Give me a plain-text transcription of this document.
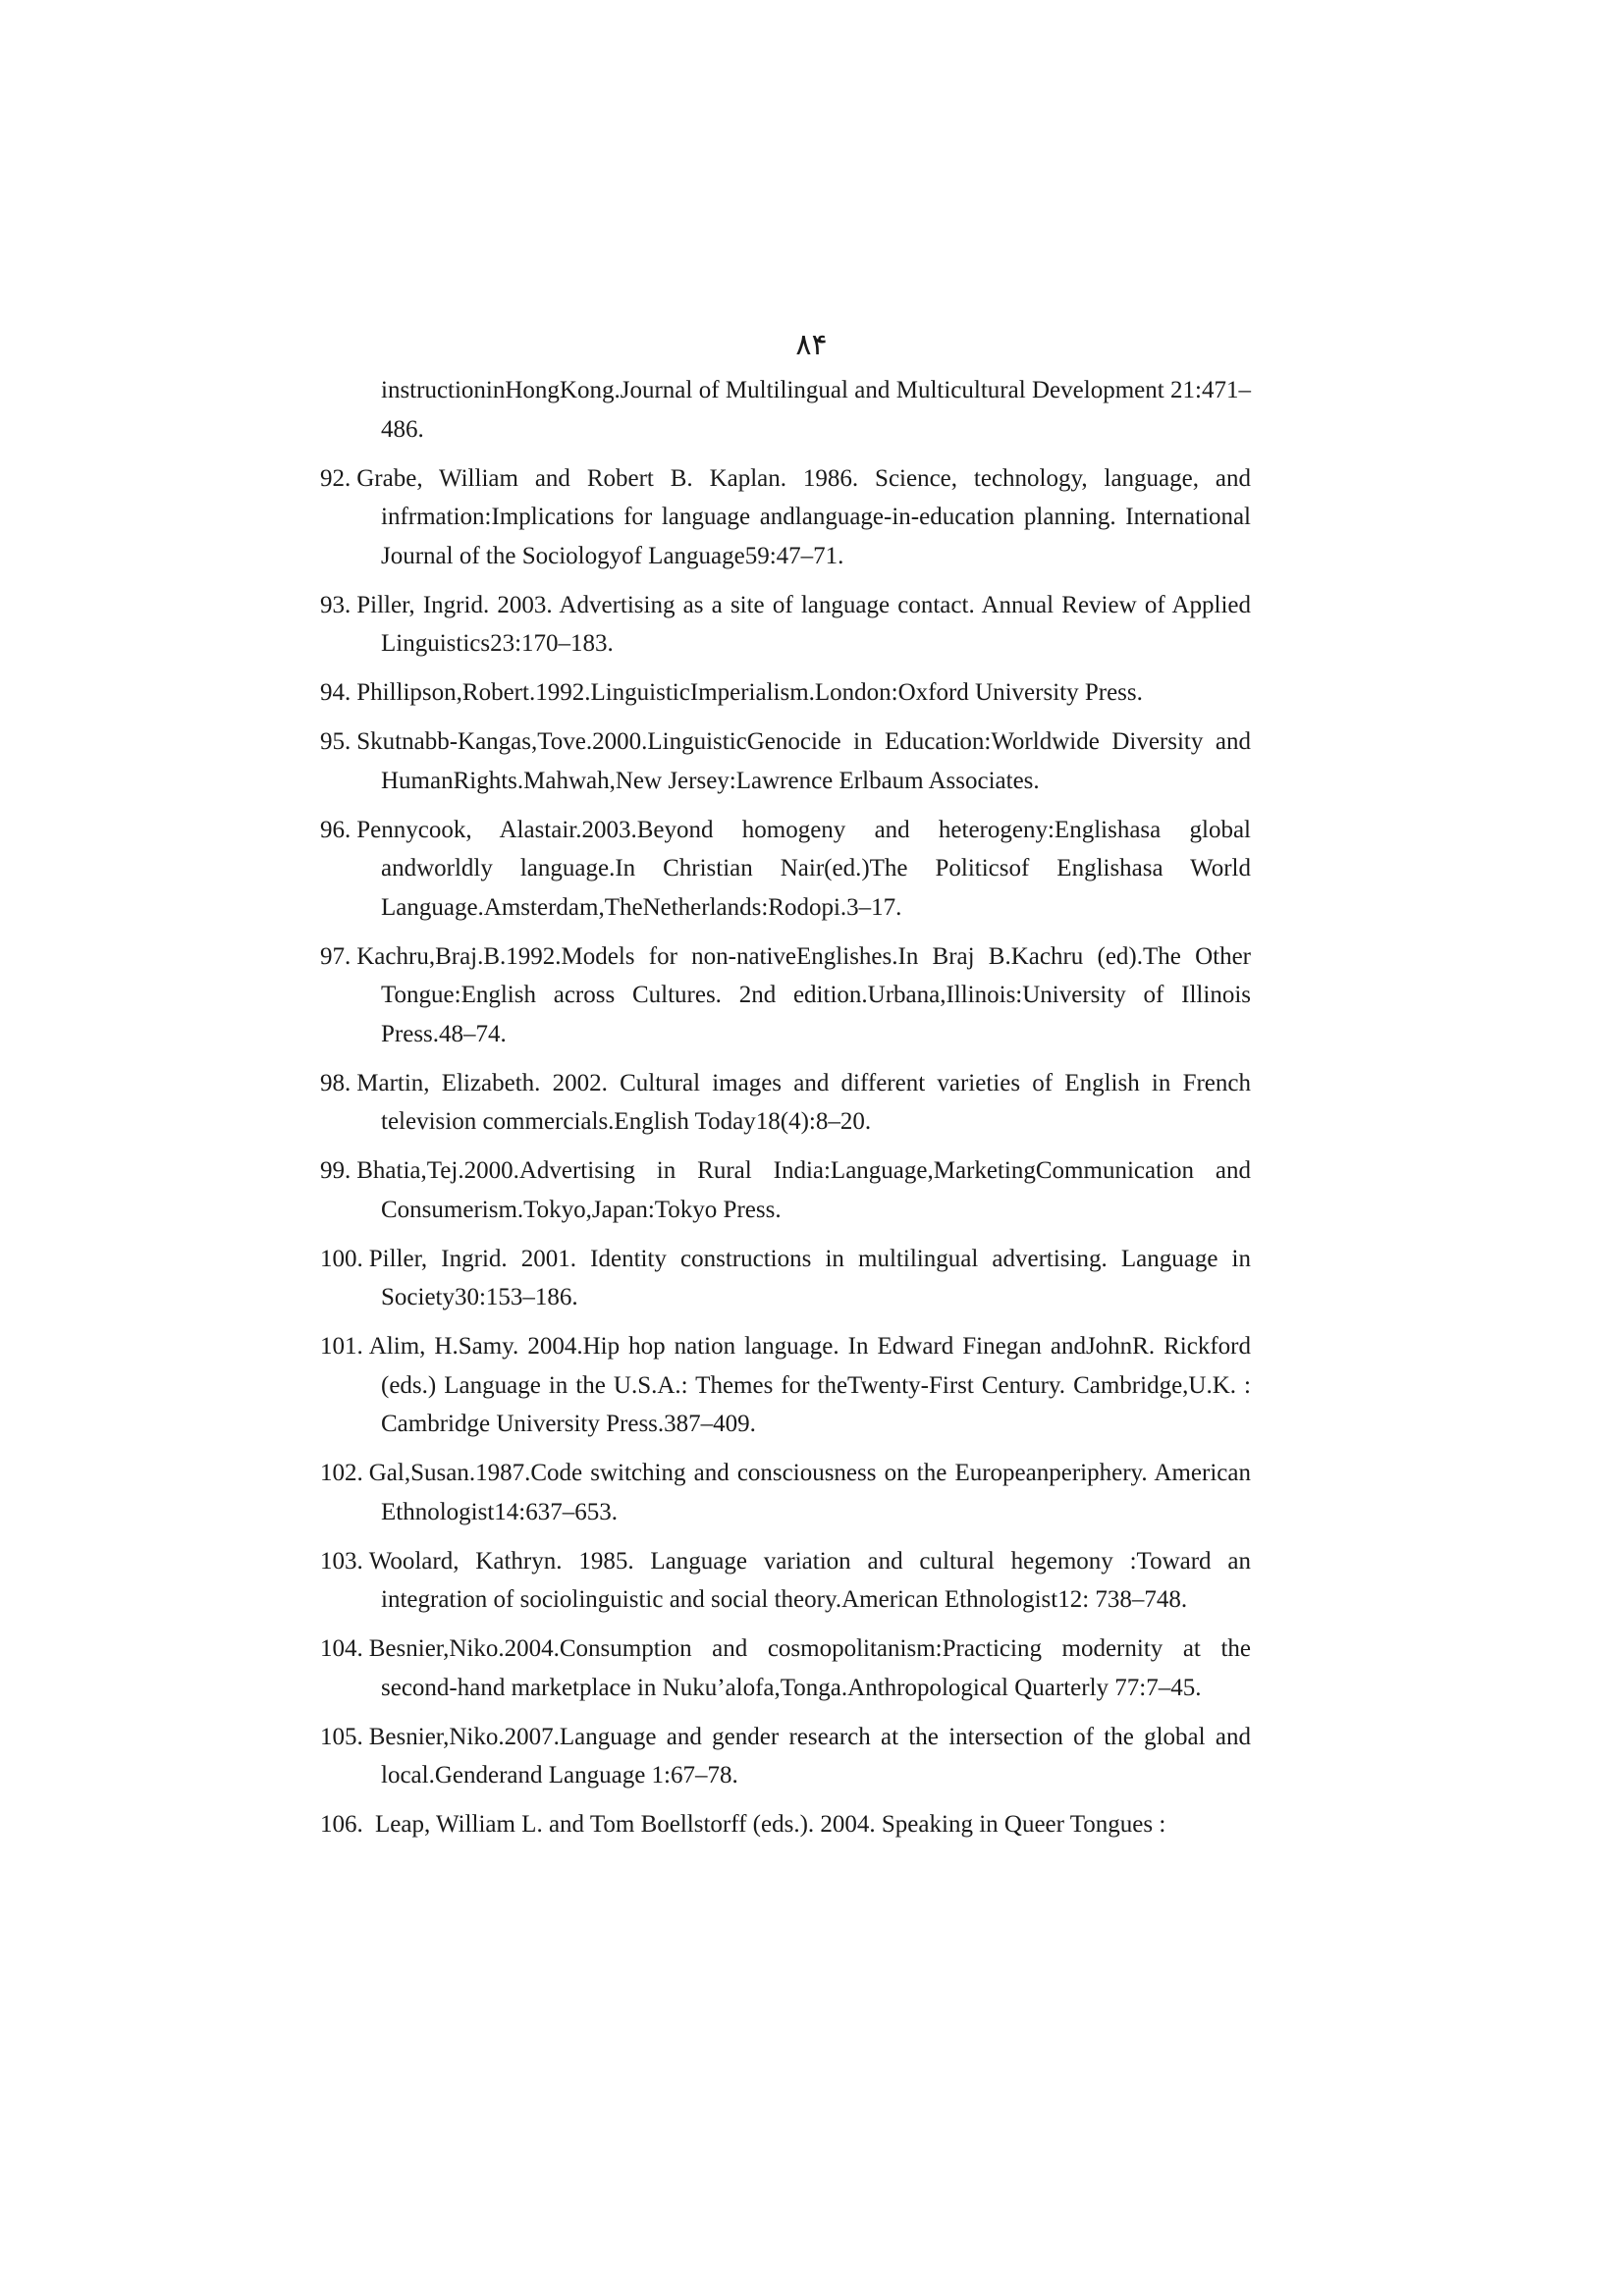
۸۴

instructioninHongKong.Journal of Multilingual and Multicultural Development 21:471–486.

92. Grabe, William and Robert B. Kaplan. 1986. Science, technology, language, and infrmation:Implications for language andlanguage-in-education planning. International Journal of the Sociologyof Language59:47–71.

93. Piller, Ingrid. 2003. Advertising as a site of language contact. Annual Review of Applied Linguistics23:170–183.

94. Phillipson,Robert.1992.LinguisticImperialism.London:Oxford University Press.

95. Skutnabb-Kangas,Tove.2000.LinguisticGenocide in Education:Worldwide Diversity and HumanRights.Mahwah,New Jersey:Lawrence Erlbaum Associates.

96. Pennycook, Alastair.2003.Beyond homogeny and heterogeny:Englishasa global andworldly language.In Christian Nair(ed.)The Politicsof Englishasa World Language.Amsterdam,TheNetherlands:Rodopi.3–17.

97. Kachru,Braj.B.1992.Models for non-nativeEnglishes.In Braj B.Kachru (ed).The Other Tongue:English across Cultures. 2nd edition.Urbana,Illinois:University of Illinois Press.48–74.

98. Martin, Elizabeth. 2002. Cultural images and different varieties of English in French television commercials.English Today18(4):8–20.

99. Bhatia,Tej.2000.Advertising in Rural India:Language,MarketingCommunication and Consumerism.Tokyo,Japan:Tokyo Press.

100. Piller, Ingrid. 2001. Identity constructions in multilingual advertising. Language in Society30:153–186.

101. Alim, H.Samy. 2004.Hip hop nation language. In Edward Finegan andJohnR. Rickford (eds.) Language in the U.S.A.: Themes for theTwenty-First Century. Cambridge,U.K. : Cambridge University Press.387–409.

102. Gal,Susan.1987.Code switching and consciousness on the Europeanperiphery. American Ethnologist14:637–653.

103. Woolard, Kathryn. 1985. Language variation and cultural hegemony :Toward an integration of sociolinguistic and social theory.American Ethnologist12: 738–748.

104. Besnier,Niko.2004.Consumption and cosmopolitanism:Practicing modernity at the second-hand marketplace in Nuku’alofa,Tonga.Anthropological Quarterly 77:7–45.

105. Besnier,Niko.2007.Language and gender research at the intersection of the global and local.Genderand Language 1:67–78.

106. Leap, William L. and Tom Boellstorff (eds.). 2004. Speaking in Queer Tongues :
